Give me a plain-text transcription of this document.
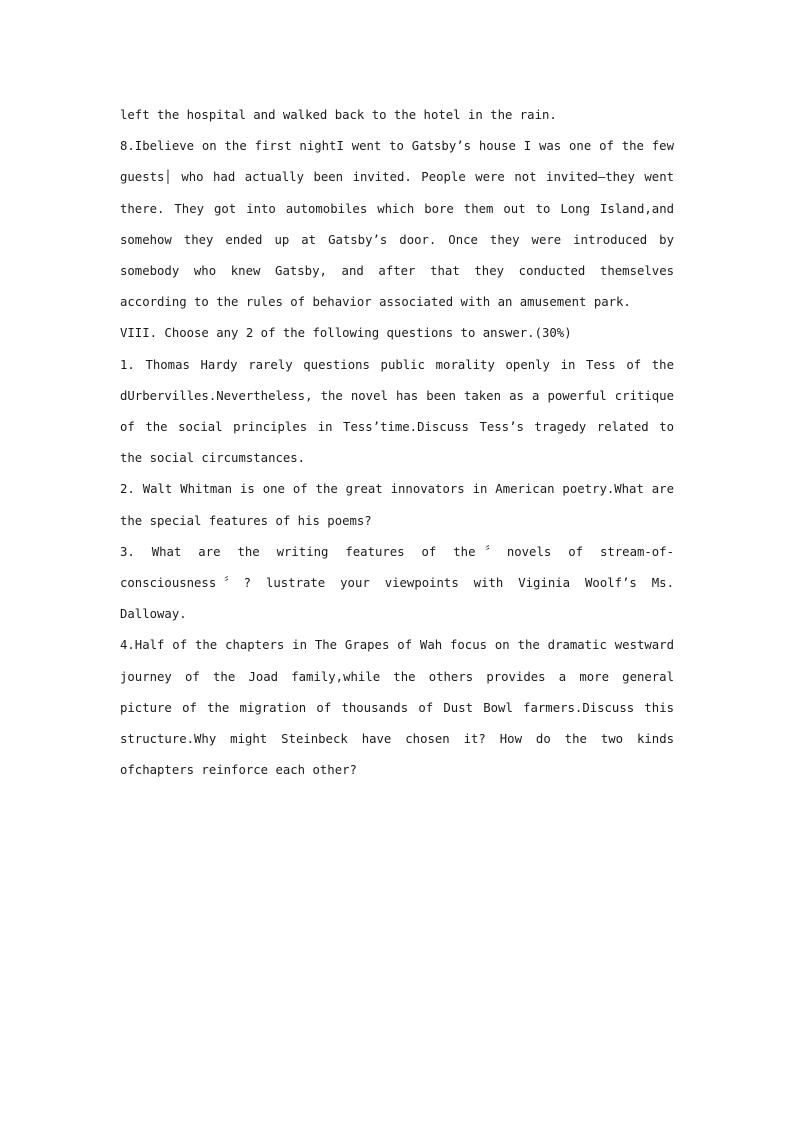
left the hospital and walked back to the hotel in the rain.

8.Ibelieve on the first nightI went to Gatsby’s house I was one of the few guests│ who had actually been invited. People were not invited—they went there. They got into automobiles which bore them out to Long Island,and somehow they ended up at Gatsby’s door. Once they were introduced by somebody who knew Gatsby, and after that they conducted themselves according to the rules of behavior associated with an amusement park.

VIII. Choose any 2 of the following questions to answer.(30%)

1. Thomas Hardy rarely questions public morality openly in Tess of the dUrbervilles.Nevertheless, the novel has been taken as a powerful critique of the social principles in Tess’time.Discuss Tess’s tragedy related to the social circumstances.

2. Walt Whitman is one of the great innovators in American poetry.What are the special features of his poems?

3. What are the writing features of the〞novels of stream-of-consciousness〞? lustrate your viewpoints with Viginia Woolf’s Ms. Dalloway.

4.Half of the chapters in The Grapes of Wah focus on the dramatic westward journey of the Joad family,while the others provides a more general picture of the migration of thousands of Dust Bowl farmers.Discuss this structure.Why might Steinbeck have chosen it? How do the two kinds ofchapters reinforce each other?
